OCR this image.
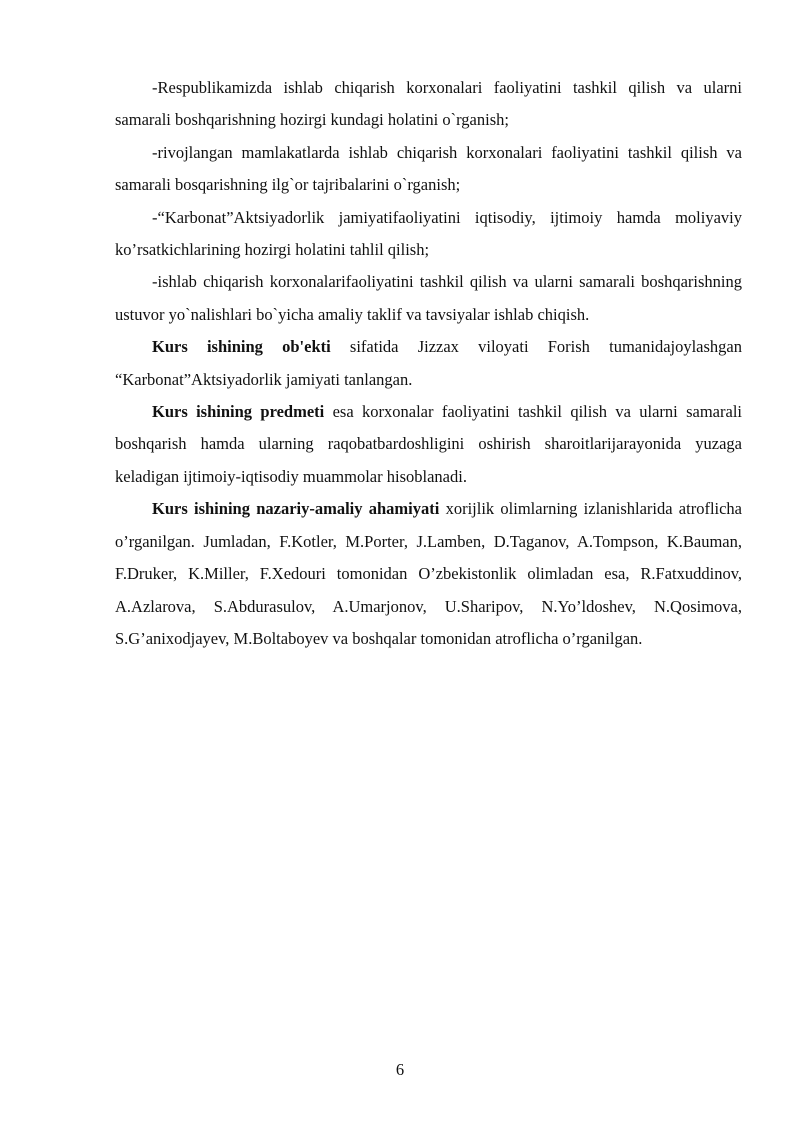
-Respublikamizda ishlab chiqarish korxonalari faoliyatini tashkil qilish va ularni samarali boshqarishning hozirgi kundagi holatini o`rganish;

-rivojlangan mamlakatlarda ishlab chiqarish korxonalari faoliyatini tashkil qilish va samarali bosqarishning ilg`or tajribalarini o`rganish;

-“Karbonat”Aktsiyadorlik jamiyatifaoliyatini iqtisodiy, ijtimoiy hamda moliyaviy ko’rsatkichlarining hozirgi holatini tahlil qilish;

-ishlab chiqarish korxonalarifaoliyatini tashkil qilish va ularni samarali boshqarishning ustuvor yo`nalishlari bo`yicha amaliy taklif va tavsiyalar ishlab chiqish.

Kurs ishining ob'ekti sifatida Jizzax viloyati Forish tumanidajoylashgan “Karbonat”Aktsiyadorlik jamiyati tanlangan.

Kurs ishining predmeti esa korxonalar faoliyatini tashkil qilish va ularni samarali boshqarish hamda ularning raqobatbardoshligini oshirish sharoitlarijarayonida yuzaga keladigan ijtimoiy-iqtisodiy muammolar hisoblanadi.

Kurs ishining nazariy-amaliy ahamiyati xorijlik olimlarning izlanishlarida atroflicha o’rganilgan. Jumladan, F.Kotler, M.Porter, J.Lamben, D.Taganov, A.Tompson, K.Bauman, F.Druker, K.Miller, F.Xedouri tomonidan O’zbekistonlik olimladan esa, R.Fatxuddinov, A.Azlarova, S.Abdurasulov, A.Umarjonov, U.Sharipov, N.Yo’ldoshev, N.Qosimova, S.G’anixodjayev, M.Boltaboyev va boshqalar tomonidan atroflicha o’rganilgan.

6
